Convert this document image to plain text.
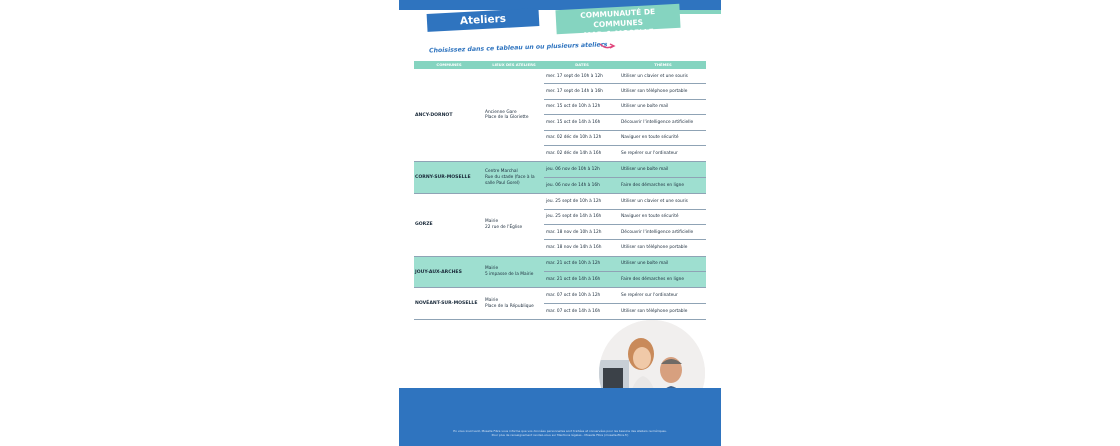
Ateliers numériques
COMMUNAUTÉ DE COMMUNES
MAD & MOSELLE
Choisissez dans ce tableau un ou plusieurs ateliers
COMMUNES	LIEUX DES ATELIERS	DATES	THÈMES
ANCY-DORNOT
Ancienne Gare
Place de la Gloriette
mer. 17 sept de 10h à 12h	Utiliser un clavier et une souris
mer. 17 sept de 14h à 16h	Utiliser son téléphone portable
mer. 15 oct de 10h à 12h	Utiliser une boîte mail
mer. 15 oct de 14h à 16h	Découvrir l'intelligence artificielle
mar. 02 déc de 10h à 12h	Naviguer en toute sécurité
mar. 02 déc de 14h à 16h	Se repérer sur l'ordinateur
CORNY-SUR-MOSELLE
Centre Marchal
Rue du stade (face à la
salle Paul Gorel)
jeu. 06 nov de 10h à 12h	Utiliser une boîte mail
jeu. 06 nov de 14h à 16h	Faire des démarches en ligne
GORZE
Mairie
22 rue de l'Église
jeu. 25 sept de 10h à 12h	Utiliser un clavier et une souris
jeu. 25 sept de 14h à 16h	Naviguer en toute sécurité
mar. 18 nov de 10h à 12h	Découvrir l'intelligence artificielle
mar. 18 nov de 14h à 16h	Utiliser son téléphone portable
JOUY-AUX-ARCHES
Mairie
5 impasse de la Mairie
mar. 21 oct de 10h à 12h	Utiliser une boîte mail
mar. 21 oct de 14h à 16h	Faire des démarches en ligne
NOVÉANT-SUR-MOSELLE
Mairie
Place de la République
mar. 07 oct de 10h à 12h	Se repérer sur l'ordinateur
mar. 07 oct de 14h à 16h	Utiliser son téléphone portable
En vous inscrivant, Moselle Fibre vous informe que vos données personnelles sont traitées et conservées pour les besoins des ateliers numériques.
Pour plus de renseignement rendez-vous sur Mentions légales - Moselle Fibre (moselle-fibre.fr)
